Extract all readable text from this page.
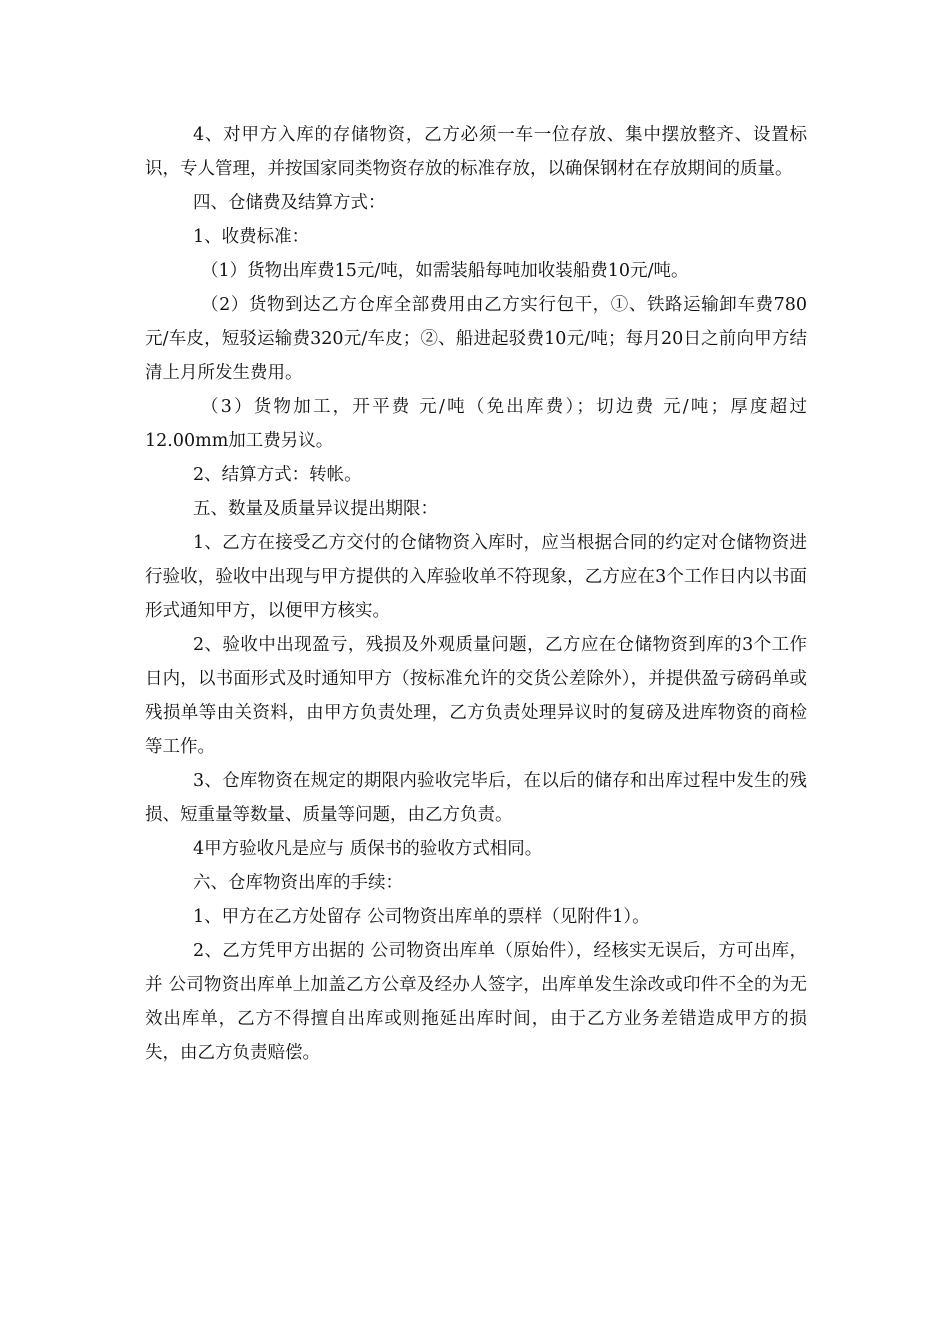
4、对甲方入库的存储物资，乙方必须一车一位存放、集中摆放整齐、设置标识，专人管理，并按国家同类物资存放的标准存放，以确保钢材在存放期间的质量。

四、仓储费及结算方式：

1、收费标准：

（1）货物出库费15元/吨，如需装船每吨加收装船费10元/吨。

（2）货物到达乙方仓库全部费用由乙方实行包干，①、铁路运输卸车费780元/车皮，短驳运输费320元/车皮；②、船进起驳费10元/吨；每月20日之前向甲方结清上月所发生费用。

（3）货物加工，开平费 元/吨（免出库费）；切边费 元/吨；厚度超过12.00mm加工费另议。

2、结算方式：转帐。

五、数量及质量异议提出期限：

1、乙方在接受乙方交付的仓储物资入库时，应当根据合同的约定对仓储物资进行验收，验收中出现与甲方提供的入库验收单不符现象，乙方应在3个工作日内以书面形式通知甲方，以便甲方核实。

2、验收中出现盈亏，残损及外观质量问题，乙方应在仓储物资到库的3个工作日内，以书面形式及时通知甲方（按标准允许的交货公差除外），并提供盈亏磅码单或残损单等由关资料，由甲方负责处理，乙方负责处理异议时的复磅及进库物资的商检等工作。

3、仓库物资在规定的期限内验收完毕后，在以后的储存和出库过程中发生的残损、短重量等数量、质量等问题，由乙方负责。

4甲方验收凡是应与 质保书的验收方式相同。

六、仓库物资出库的手续：

1、甲方在乙方处留存 公司物资出库单的票样（见附件1）。

2、乙方凭甲方出据的 公司物资出库单（原始件），经核实无误后，方可出库，并 公司物资出库单上加盖乙方公章及经办人签字，出库单发生涂改或印件不全的为无效出库单，乙方不得擅自出库或则拖延出库时间，由于乙方业务差错造成甲方的损失，由乙方负责赔偿。
